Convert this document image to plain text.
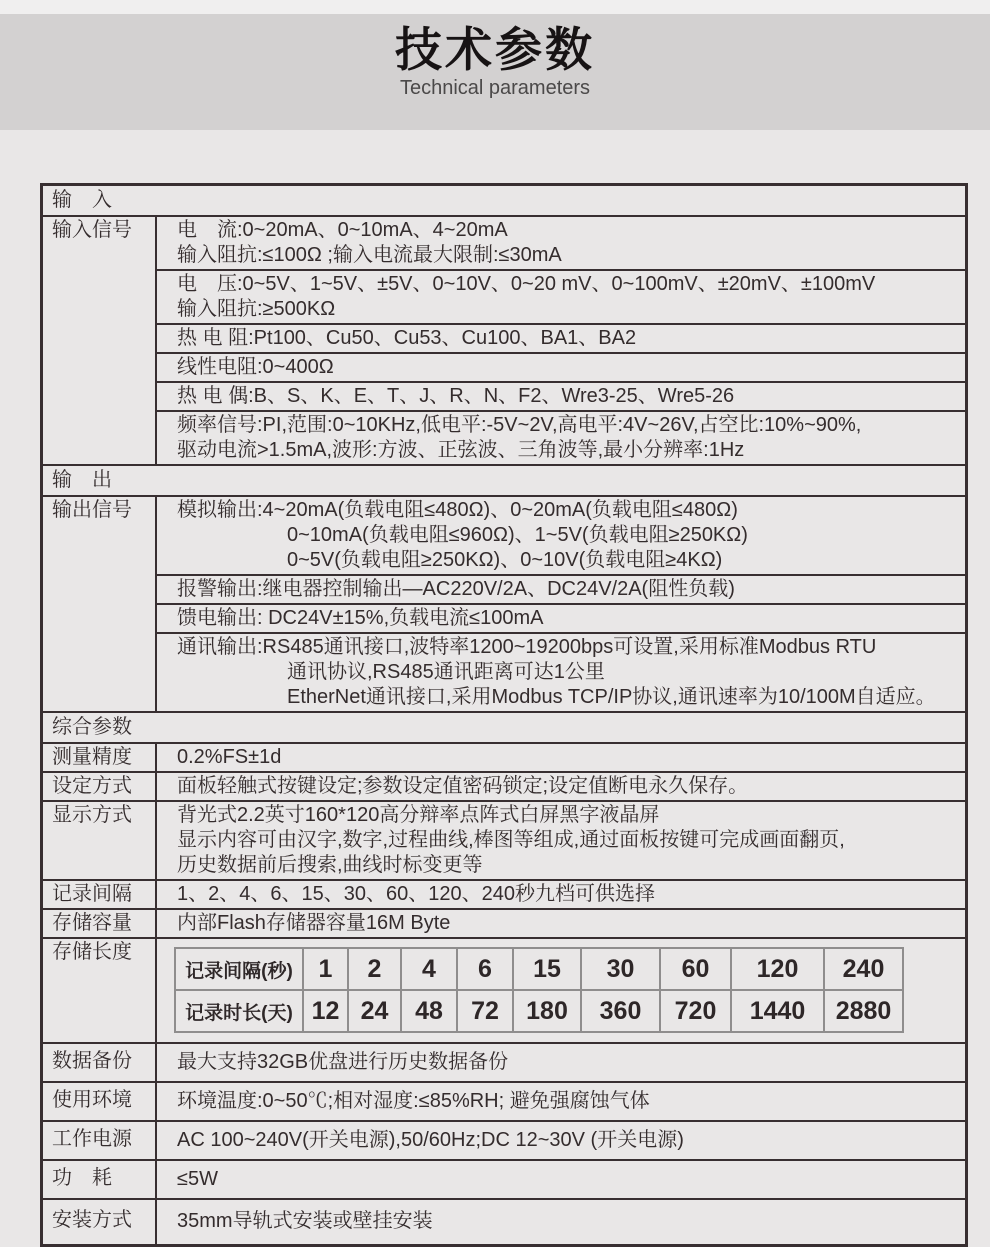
技术参数
Technical parameters
输　入
输入信号	电　流:0~20mA、0~10mA、4~20mA
输入阻抗:≤100Ω ;输入电流最大限制:≤30mA
电　压:0~5V、1~5V、±5V、0~10V、0~20 mV、0~100mV、±20mV、±100mV
输入阻抗:≥500KΩ
热 电 阻:Pt100、Cu50、Cu53、Cu100、BA1、BA2
线性电阻:0~400Ω
热 电 偶:B、S、K、E、T、J、R、N、F2、Wre3-25、Wre5-26
频率信号:PI,范围:0~10KHz,低电平:-5V~2V,高电平:4V~26V,占空比:10%~90%,
驱动电流>1.5mA,波形:方波、正弦波、三角波等,最小分辨率:1Hz
输　出
输出信号	模拟输出:4~20mA(负载电阻≤480Ω)、0~20mA(负载电阻≤480Ω)
0~10mA(负载电阻≤960Ω)、1~5V(负载电阻≥250KΩ)
0~5V(负载电阻≥250KΩ)、0~10V(负载电阻≥4KΩ)
报警输出:继电器控制输出—AC220V/2A、DC24V/2A(阻性负载)
馈电输出: DC24V±15%,负载电流≤100mA
通讯输出:RS485通讯接口,波特率1200~19200bps可设置,采用标准Modbus RTU
通讯协议,RS485通讯距离可达1公里
EtherNet通讯接口,采用Modbus TCP/IP协议,通讯速率为10/100M自适应。
综合参数
测量精度	0.2%FS±1d
设定方式	面板轻触式按键设定;参数设定值密码锁定;设定值断电永久保存。
显示方式	背光式2.2英寸160*120高分辩率点阵式白屏黑字液晶屏
显示内容可由汉字,数字,过程曲线,棒图等组成,通过面板按键可完成画面翻页,
历史数据前后搜索,曲线时标变更等
记录间隔	1、2、4、6、15、30、60、120、240秒九档可供选择
存储容量	内部Flash存储器容量16M Byte
存储长度
记录间隔(秒)	1	2	4	6	15	30	60	120	240
记录时长(天)	12	24	48	72	180	360	720	1440	2880
数据备份	最大支持32GB优盘进行历史数据备份
使用环境	环境温度:0~50℃;相对湿度:≤85%RH; 避免强腐蚀气体
工作电源	AC 100~240V(开关电源),50/60Hz;DC 12~30V (开关电源)
功　耗	≤5W
安装方式	35mm导轨式安装或壁挂安装
